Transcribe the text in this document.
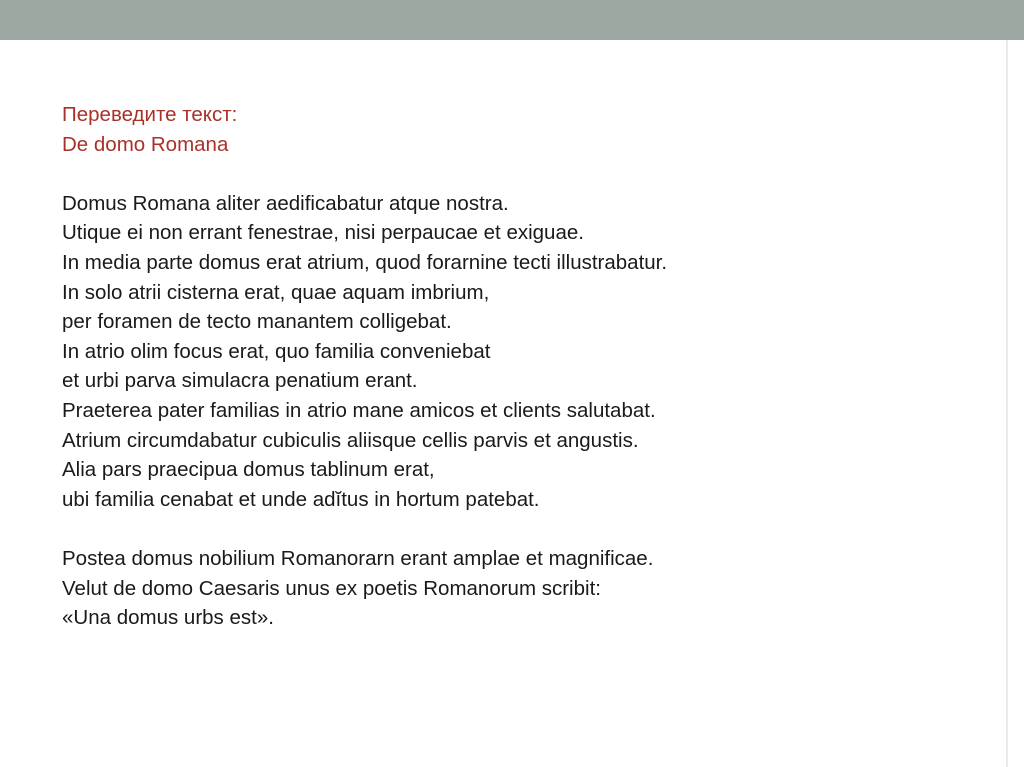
Переведите текст:
De domo Romana
Domus Romana aliter aedificabatur atque nostra.
Utique ei non errant fenestrae, nisi perpaucae et exiguae.
In media parte domus erat atrium, quod forarnine tecti illustrabatur.
In solo atrii cisterna erat, quae aquam imbrium,
per foramen de tecto manantem colligebat.
In atrio olim focus erat, quo familia conveniebat
et urbi parva simulacra penatium erant.
Praeterea pater familias in atrio mane amicos et clients salutabat.
Atrium circumdabatur cubiculis aliisque cellis parvis et angustis.
Alia pars praecipua domus tablinum erat,
ubi familia cenabat et unde adĭtus in hortum patebat.
Postea domus nobilium Romanorarn erant amplae et magnificae.
Velut de domo Caesaris unus ex poetis Romanorum scribit:
«Una domus urbs est».
